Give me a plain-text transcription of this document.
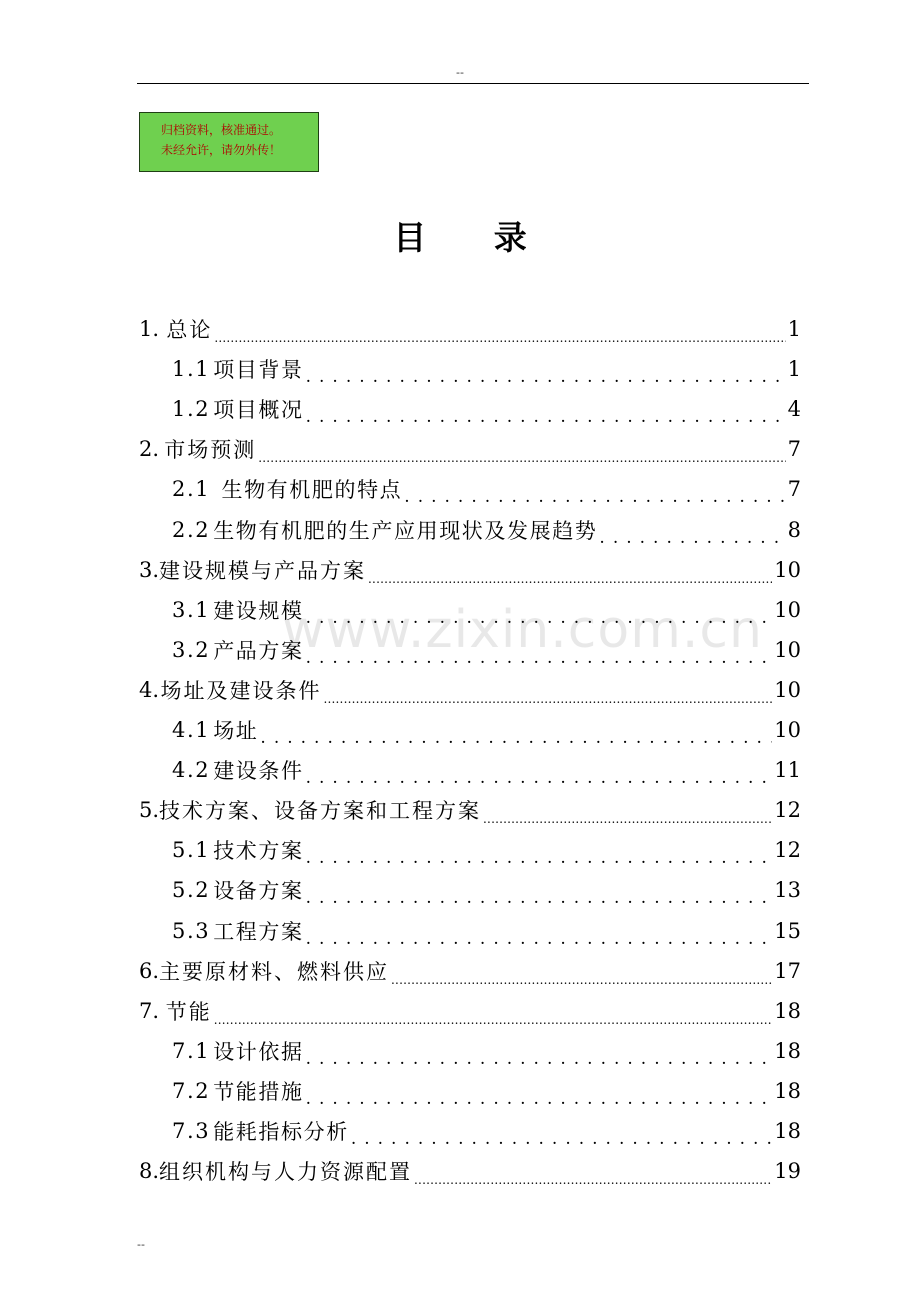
--
归档资料，核准通过。
未经允许，请勿外传！
目 录
www.zixin.com.cn
1. 总论 .....	1
1.1 项目背景 . . .	1
1.2 项目概况 . . .	4
2. 市场预测 .....	7
2.1 生物有机肥的特点 . . .	7
2.2 生物有机肥的生产应用现状及发展趋势 . . .	8
3. 建设规模与产品方案 .....	10
3.1 建设规模 . . .	10
3.2 产品方案 . . .	10
4. 场址及建设条件 .....	10
4.1 场址 . . .	10
4.2 建设条件 . . .	11
5. 技术方案、设备方案和工程方案 .....	12
5.1 技术方案 . . .	12
5.2 设备方案 . . .	13
5.3 工程方案 . . .	15
6. 主要原材料、燃料供应 .....	17
7. 节能 .....	18
7.1 设计依据 . . .	18
7.2 节能措施 . . .	18
7.3 能耗指标分析 . . .	18
8. 组织机构与人力资源配置 .....	19
--
